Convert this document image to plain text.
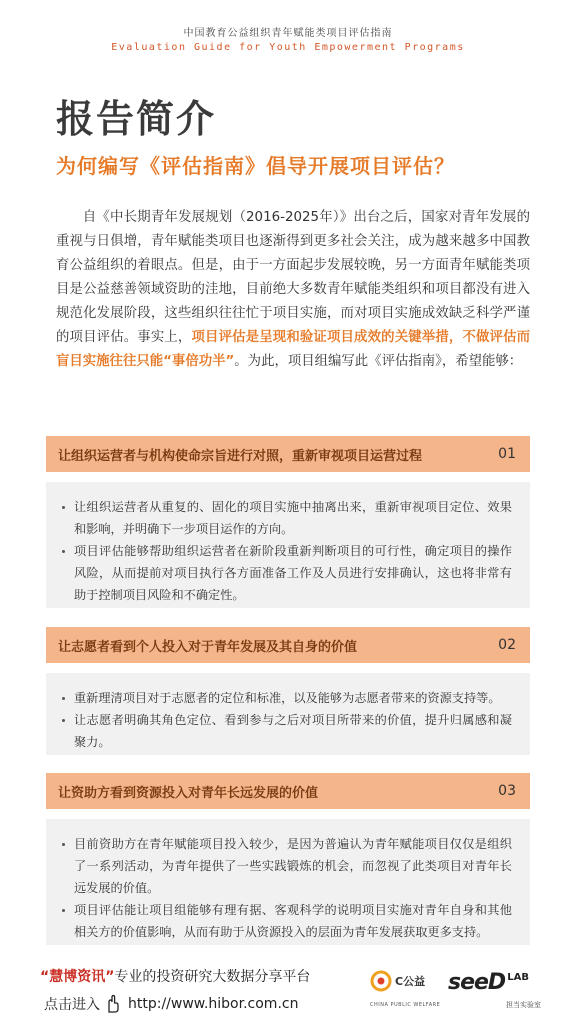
中国教育公益组织青年赋能类项目评估指南
Evaluation Guide for Youth Empowerment Programs
报告简介
为何编写《评估指南》倡导开展项目评估？

自《中长期青年发展规划（2016-2025年）》出台之后，国家对青年发展的重视与日俱增，青年赋能类项目也逐渐得到更多社会关注，成为越来越多中国教育公益组织的着眼点。但是，由于一方面起步发展较晚，另一方面青年赋能类项目是公益慈善领域资助的洼地，目前绝大多数青年赋能类组织和项目都没有进入规范化发展阶段，这些组织往往忙于项目实施，而对项目实施成效缺乏科学严谨的项目评估。事实上，项目评估是呈现和验证项目成效的关键举措，不做评估而盲目实施往往只能“事倍功半”。为此，项目组编写此《评估指南》，希望能够：

让组织运营者与机构使命宗旨进行对照，重新审视项目运营过程	01
让组织运营者从重复的、固化的项目实施中抽离出来，重新审视项目定位、效果和影响，并明确下一步项目运作的方向。
项目评估能够帮助组织运营者在新阶段重新判断项目的可行性，确定项目的操作风险，从而提前对项目执行各方面准备工作及人员进行安排确认，这也将非常有助于控制项目风险和不确定性。
让志愿者看到个人投入对于青年发展及其自身的价值	02
重新理清项目对于志愿者的定位和标准，以及能够为志愿者带来的资源支持等。
让志愿者明确其角色定位、看到参与之后对项目所带来的价值，提升归属感和凝聚力。
让资助方看到资源投入对青年长远发展的价值	03
目前资助方在青年赋能项目投入较少，是因为普遍认为青年赋能项目仅仅是组织了一系列活动，为青年提供了一些实践锻炼的机会，而忽视了此类项目对青年长远发展的价值。
项目评估能让项目组能够有理有据、客观科学的说明项目实施对青年自身和其他相关方的价值影响，从而有助于从资源投入的层面为青年发展获取更多支持。
“慧博资讯”专业的投资研究大数据分享平台
点击进入 http://www.hibor.com.cn
C公益
CHINA PUBLIC WELFARE
seeD LAB
担当实验室
